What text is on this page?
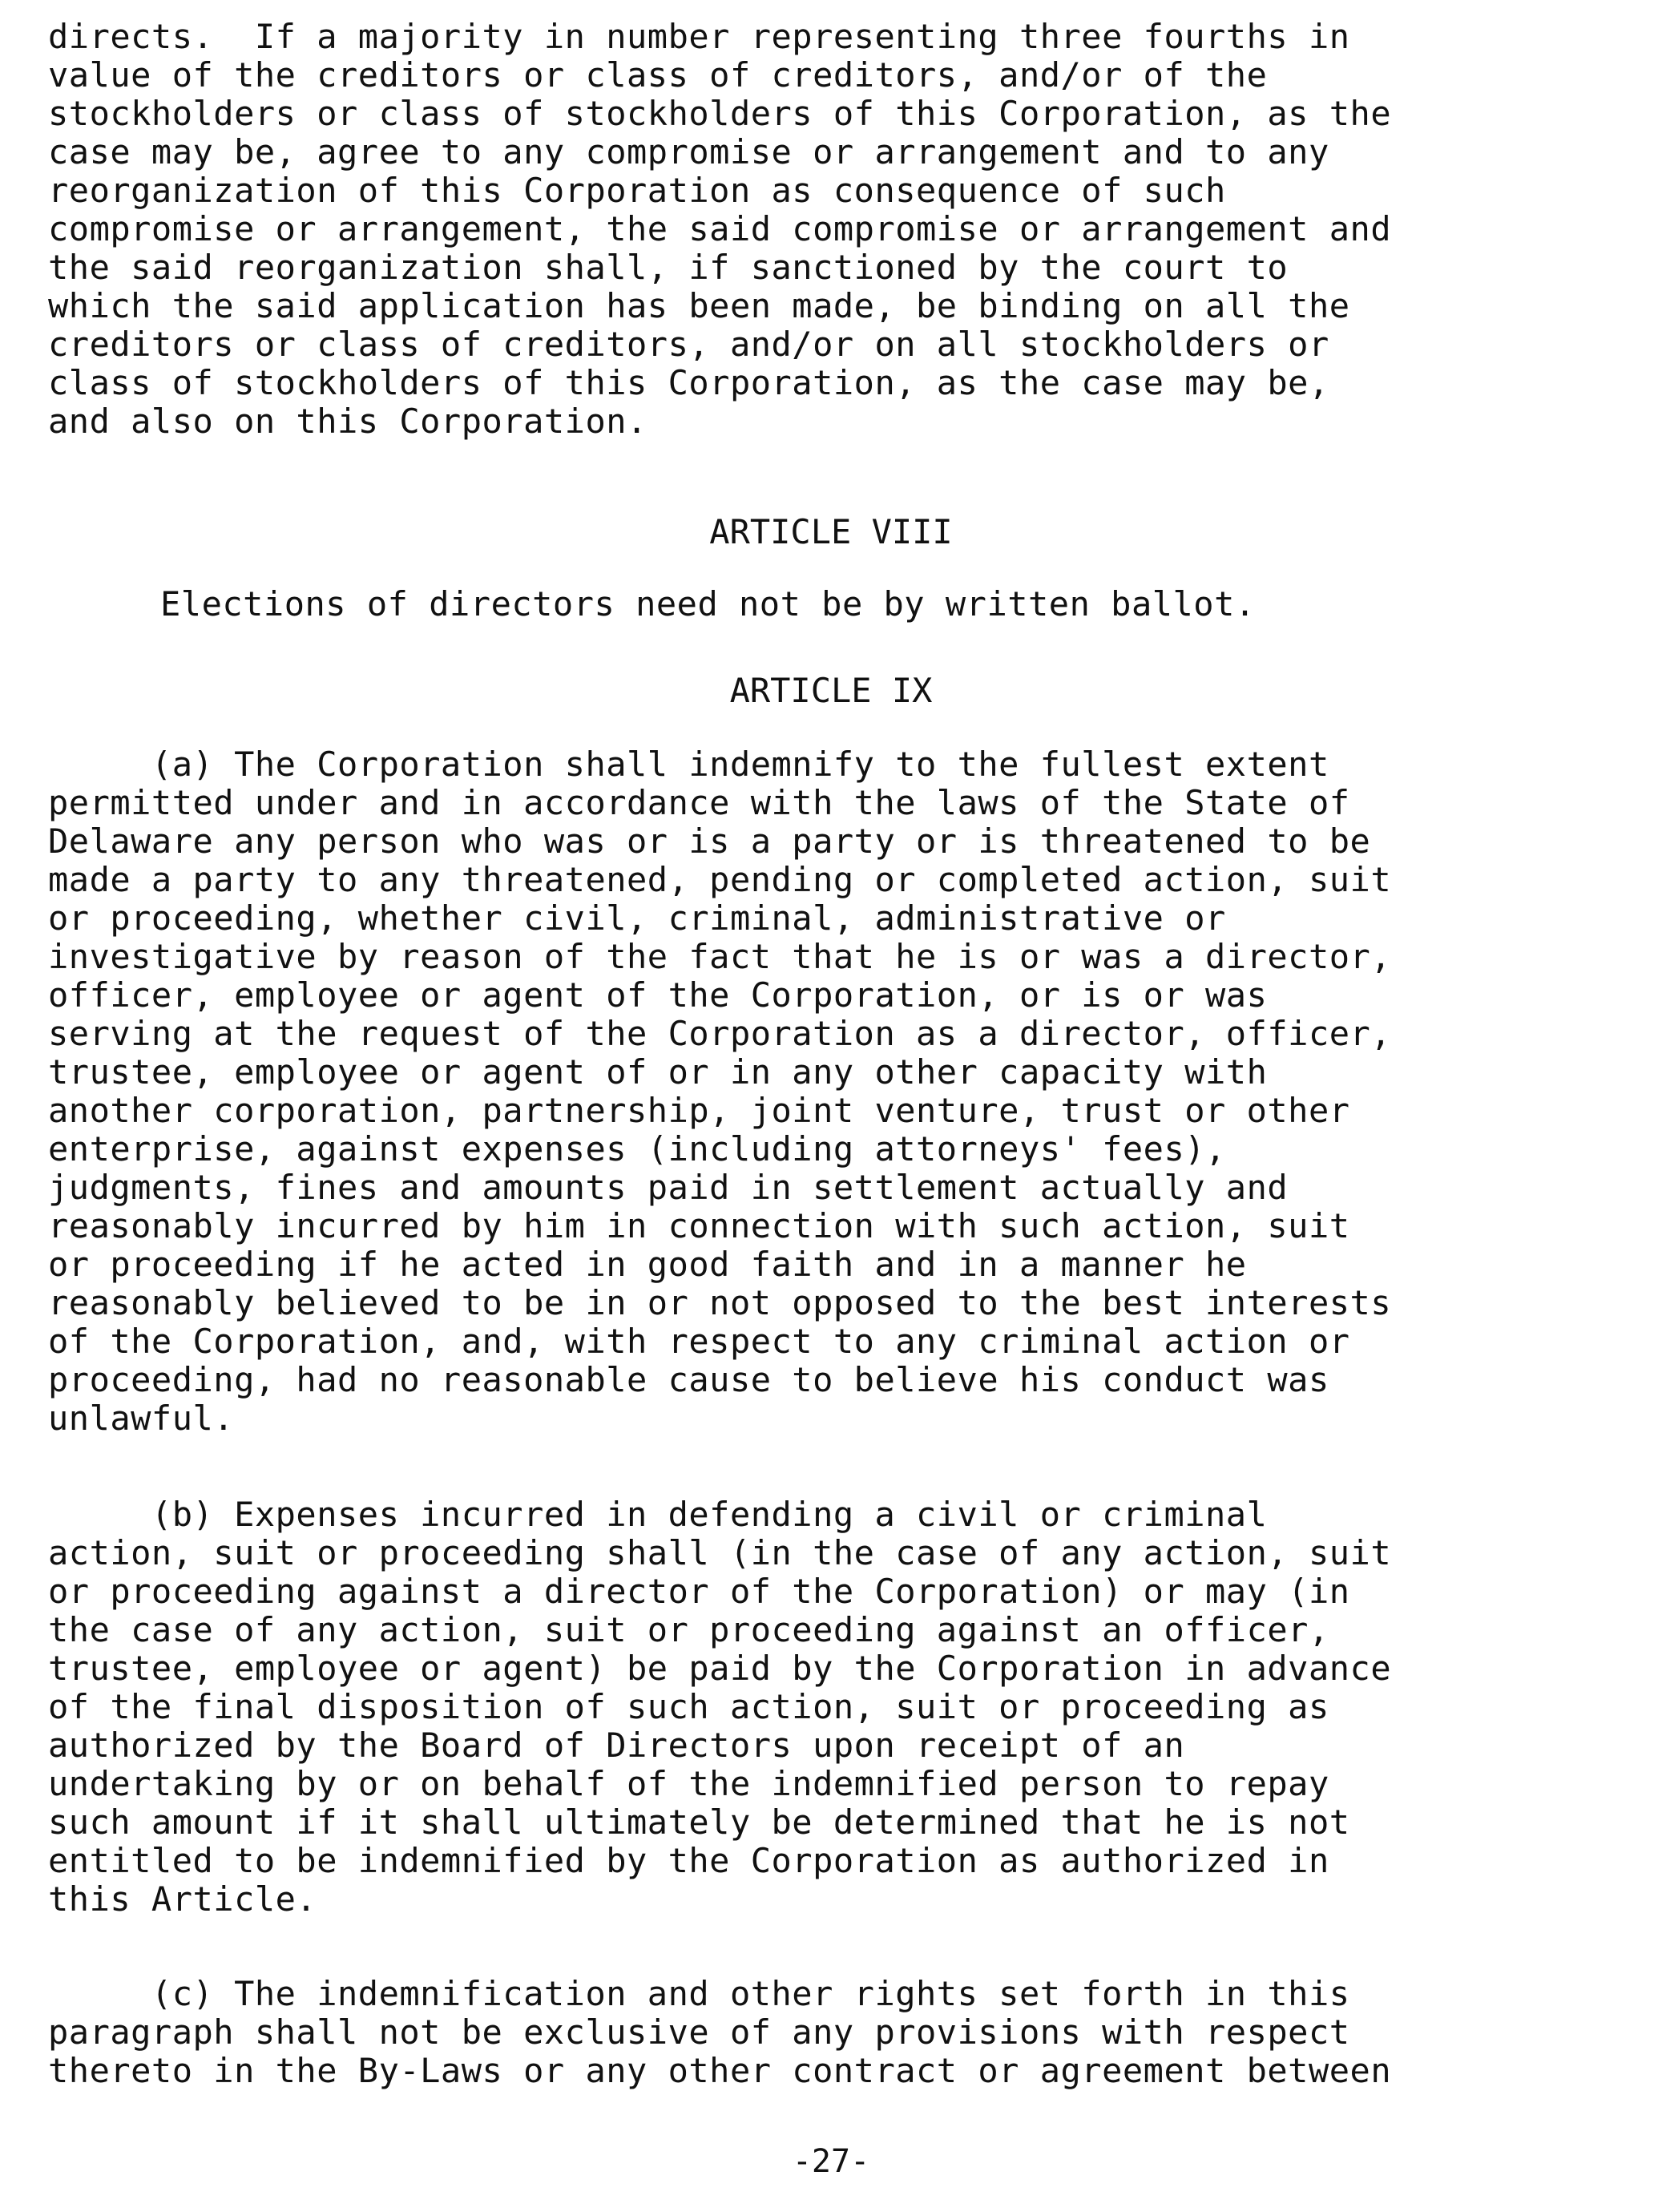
directs.  If a majority in number representing three fourths in
value of the creditors or class of creditors, and/or of the
stockholders or class of stockholders of this Corporation, as the
case may be, agree to any compromise or arrangement and to any
reorganization of this Corporation as consequence of such
compromise or arrangement, the said compromise or arrangement and
the said reorganization shall, if sanctioned by the court to
which the said application has been made, be binding on all the
creditors or class of creditors, and/or on all stockholders or
class of stockholders of this Corporation, as the case may be,
and also on this Corporation.
ARTICLE VIII
Elections of directors need not be by written ballot.
ARTICLE IX
(a) The Corporation shall indemnify to the fullest extent
permitted under and in accordance with the laws of the State of
Delaware any person who was or is a party or is threatened to be
made a party to any threatened, pending or completed action, suit
or proceeding, whether civil, criminal, administrative or
investigative by reason of the fact that he is or was a director,
officer, employee or agent of the Corporation, or is or was
serving at the request of the Corporation as a director, officer,
trustee, employee or agent of or in any other capacity with
another corporation, partnership, joint venture, trust or other
enterprise, against expenses (including attorneys' fees),
judgments, fines and amounts paid in settlement actually and
reasonably incurred by him in connection with such action, suit
or proceeding if he acted in good faith and in a manner he
reasonably believed to be in or not opposed to the best interests
of the Corporation, and, with respect to any criminal action or
proceeding, had no reasonable cause to believe his conduct was
unlawful.
(b) Expenses incurred in defending a civil or criminal
action, suit or proceeding shall (in the case of any action, suit
or proceeding against a director of the Corporation) or may (in
the case of any action, suit or proceeding against an officer,
trustee, employee or agent) be paid by the Corporation in advance
of the final disposition of such action, suit or proceeding as
authorized by the Board of Directors upon receipt of an
undertaking by or on behalf of the indemnified person to repay
such amount if it shall ultimately be determined that he is not
entitled to be indemnified by the Corporation as authorized in
this Article.
(c) The indemnification and other rights set forth in this
paragraph shall not be exclusive of any provisions with respect
thereto in the By-Laws or any other contract or agreement between
-27-
